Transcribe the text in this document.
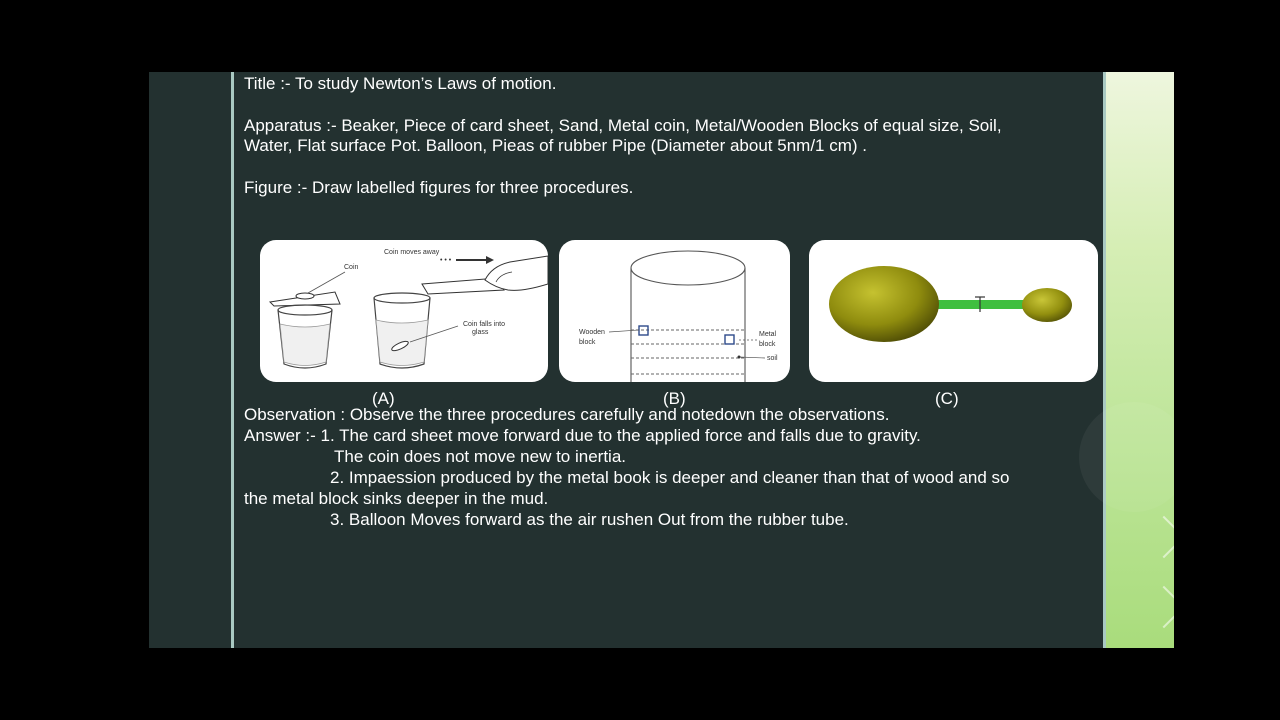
Title :- To study Newton’s Laws of motion.

Apparatus :- Beaker, Piece of card sheet, Sand, Metal coin, Metal/Wooden Blocks of equal size, Soil,

Water, Flat surface Pot. Balloon, Pieas of rubber Pipe (Diameter about 5nm/1 cm) .

Figure :- Draw labelled figures for three procedures.

Coin
Coin falls into
glass
Coin moves away
• • •
(A)
Wooden
block
Metal
block
soil
(B)	(C)

Observation : Observe the three procedures carefully and notedown the observations.

Answer :- 1. The card sheet move forward due to the applied force and falls due to gravity.

The coin does not move new to inertia.

2. Impaession produced by the metal book is deeper and cleaner than that of wood and so

the metal block sinks deeper in the mud.

3. Balloon Moves forward as the air rushen Out from the rubber tube.
